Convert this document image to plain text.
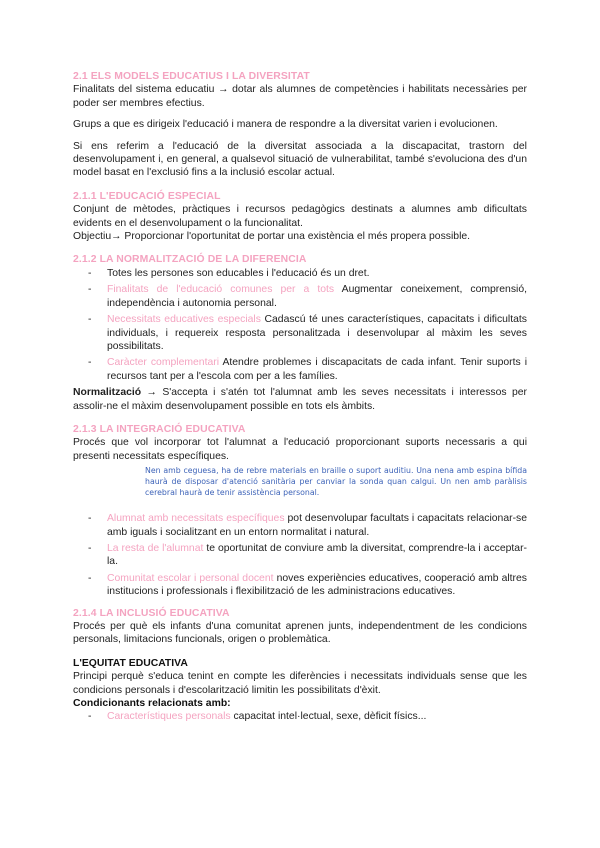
2.1 ELS MODELS EDUCATIUS I LA DIVERSITAT

Finalitats del sistema educatiu → dotar als alumnes de competències i habilitats necessàries per poder ser membres efectius.

Grups a que es dirigeix l'educació i manera de respondre a la diversitat varien i evolucionen.

Si ens referim a l'educació de la diversitat associada a la discapacitat, trastorn del desenvolupament i, en general, a qualsevol situació de vulnerabilitat, també s'evoluciona des d'un model basat en l'exclusió fins a la inclusió escolar actual.

2.1.1 L'EDUCACIÓ ESPECIAL

Conjunt de mètodes, pràctiques i recursos pedagògics destinats a alumnes amb dificultats evidents en el desenvolupament o la funcionalitat.

Objectiu→ Proporcionar l'oportunitat de portar una existència el més propera possible.

2.1.2 LA NORMALITZACIÓ DE LA DIFERENCIA
- Totes les persones son educables i l'educació és un dret.
- Finalitats de l'educació comunes per a tots Augmentar coneixement, comprensió, independència i autonomia personal.
- Necessitats educatives especials Cadascú té unes característiques, capacitats i dificultats individuals, i requereix resposta personalitzada i desenvolupar al màxim les seves possibilitats.
- Caràcter complementari Atendre problemes i discapacitats de cada infant. Tenir suports i recursos tant per a l'escola com per a les famílies.

Normalització → S'accepta i s'atén tot l'alumnat amb les seves necessitats i interessos per assolir-ne el màxim desenvolupament possible en tots els àmbits.

2.1.3 LA INTEGRACIÓ EDUCATIVA

Procés que vol incorporar tot l'alumnat a l'educació proporcionant suports necessaris a qui presenti necessitats específiques.

Nen amb ceguesa, ha de rebre materials en braille o suport auditiu. Una nena amb espina bífida haurà de disposar d'atenció sanitària per canviar la sonda quan calgui. Un nen amb paràlisis cerebral haurà de tenir assistència personal.

- Alumnat amb necessitats específiques pot desenvolupar facultats i capacitats relacionar-se amb iguals i socialitzant en un entorn normalitat i natural.
- La resta de l'alumnat te oportunitat de conviure amb la diversitat, comprendre-la i acceptar-la.
- Comunitat escolar i personal docent noves experiències educatives, cooperació amb altres institucions i professionals i flexibilització de les administracions educatives.
2.1.4 LA INCLUSIÓ EDUCATIVA

Procés per què els infants d'una comunitat aprenen junts, independentment de les condicions personals, limitacions funcionals, origen o problemàtica.

L'EQUITAT EDUCATIVA

Principi perquè s'educa tenint en compte les diferències i necessitats individuals sense que les condicions personals i d'escolarització limitin les possibilitats d'èxit.

Condicionants relacionats amb:

- Característiques personals capacitat intel·lectual, sexe, dèficit físics...
